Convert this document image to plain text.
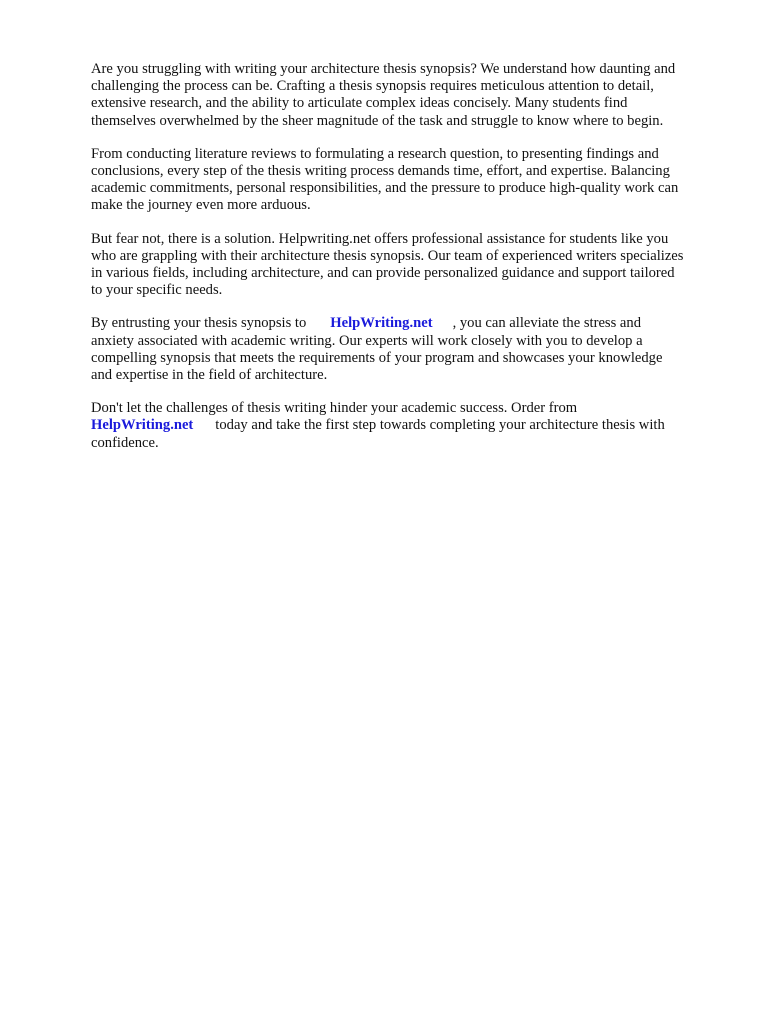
Are you struggling with writing your architecture thesis synopsis? We understand how daunting and
challenging the process can be. Crafting a thesis synopsis requires meticulous attention to detail,
extensive research, and the ability to articulate complex ideas concisely. Many students find
themselves overwhelmed by the sheer magnitude of the task and struggle to know where to begin.

From conducting literature reviews to formulating a research question, to presenting findings and
conclusions, every step of the thesis writing process demands time, effort, and expertise. Balancing
academic commitments, personal responsibilities, and the pressure to produce high-quality work can
make the journey even more arduous.

But fear not, there is a solution. Helpwriting.net offers professional assistance for students like you
who are grappling with their architecture thesis synopsis. Our team of experienced writers specializes
in various fields, including architecture, and can provide personalized guidance and support tailored
to your specific needs.

By entrusting your thesis synopsis to HelpWriting.net , you can alleviate the stress and
anxiety associated with academic writing. Our experts will work closely with you to develop a
compelling synopsis that meets the requirements of your program and showcases your knowledge
and expertise in the field of architecture.

Don't let the challenges of thesis writing hinder your academic success. Order from
HelpWriting.net today and take the first step towards completing your architecture thesis with
confidence.
